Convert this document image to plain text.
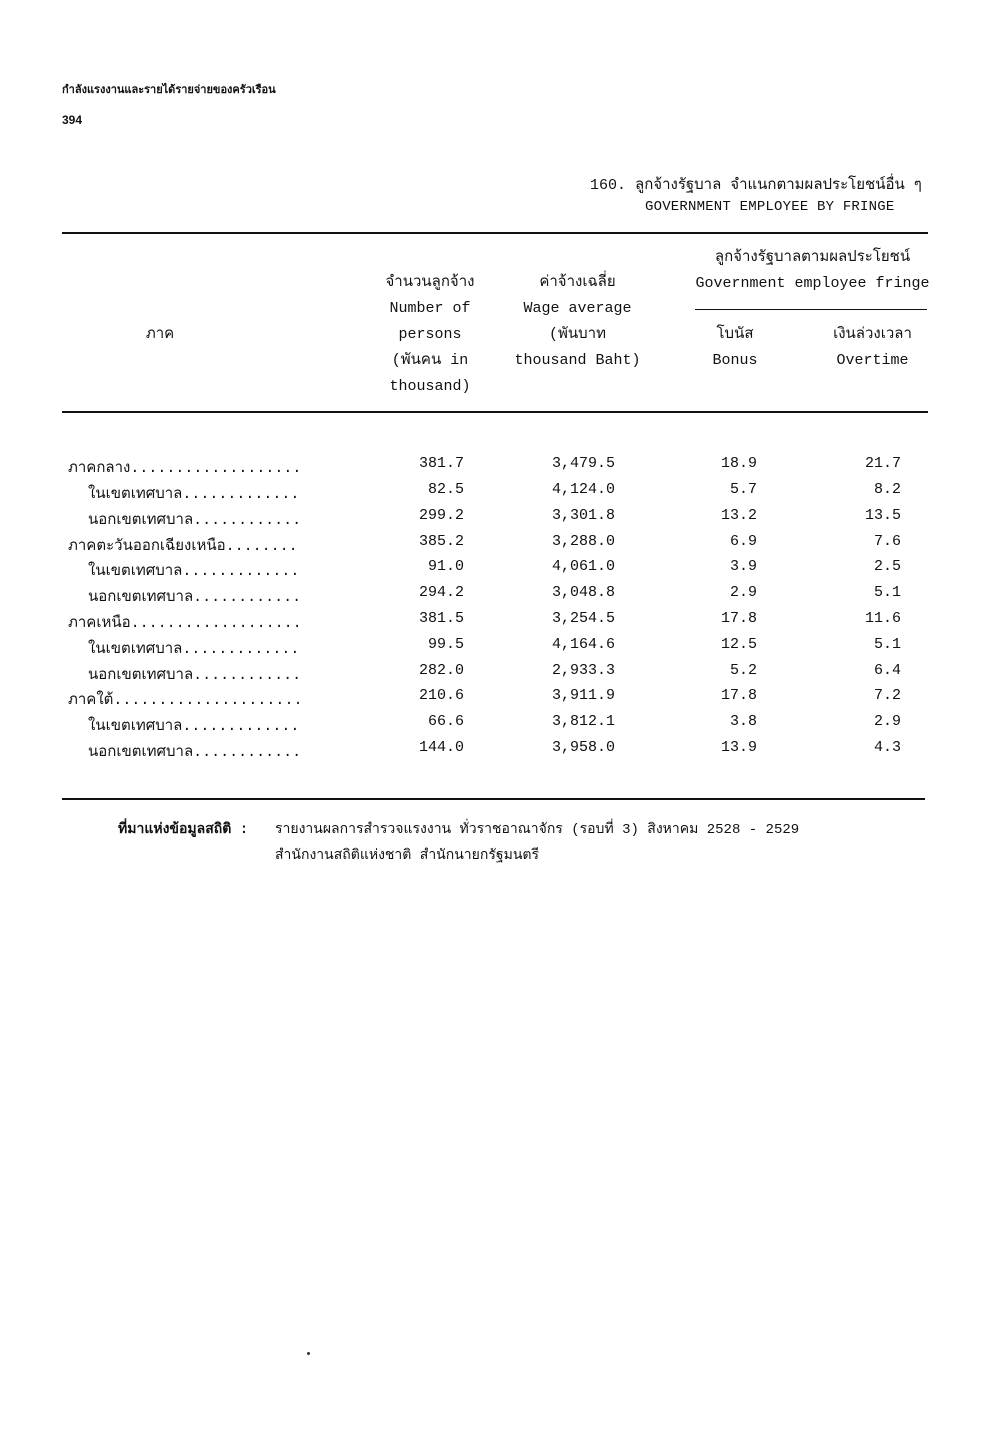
กำลังแรงงานและรายได้รายจ่ายของครัวเรือน
394
160. ลูกจ้างรัฐบาล จำแนกตามผลประโยชน์อื่น ๆ
GOVERNMENT EMPLOYEE BY FRINGE
ภาค
จำนวนลูกจ้าง
Number of
persons
(พันคน in
thousand)
ค่าจ้างเฉลี่ย
Wage average
(พันบาท
thousand Baht)
ลูกจ้างรัฐบาลตามผลประโยชน์
Government employee fringe
โบนัส
Bonus
เงินล่วงเวลา
Overtime
ภาคกลาง...................	381.7	3,479.5	18.9	21.7
ในเขตเทศบาล.............	82.5	4,124.0	5.7	8.2
นอกเขตเทศบาล............	299.2	3,301.8	13.2	13.5
ภาคตะวันออกเฉียงเหนือ........	385.2	3,288.0	6.9	7.6
ในเขตเทศบาล.............	91.0	4,061.0	3.9	2.5
นอกเขตเทศบาล............	294.2	3,048.8	2.9	5.1
ภาคเหนือ...................	381.5	3,254.5	17.8	11.6
ในเขตเทศบาล.............	99.5	4,164.6	12.5	5.1
นอกเขตเทศบาล............	282.0	2,933.3	5.2	6.4
ภาคใต้.....................	210.6	3,911.9	17.8	7.2
ในเขตเทศบาล.............	66.6	3,812.1	3.8	2.9
นอกเขตเทศบาล............	144.0	3,958.0	13.9	4.3
ที่มาแห่งข้อมูลสถิติ : รายงานผลการสำรวจแรงงาน ทั่วราชอาณาจักร (รอบที่ 3) สิงหาคม 2528 - 2529
สำนักงานสถิติแห่งชาติ สำนักนายกรัฐมนตรี
